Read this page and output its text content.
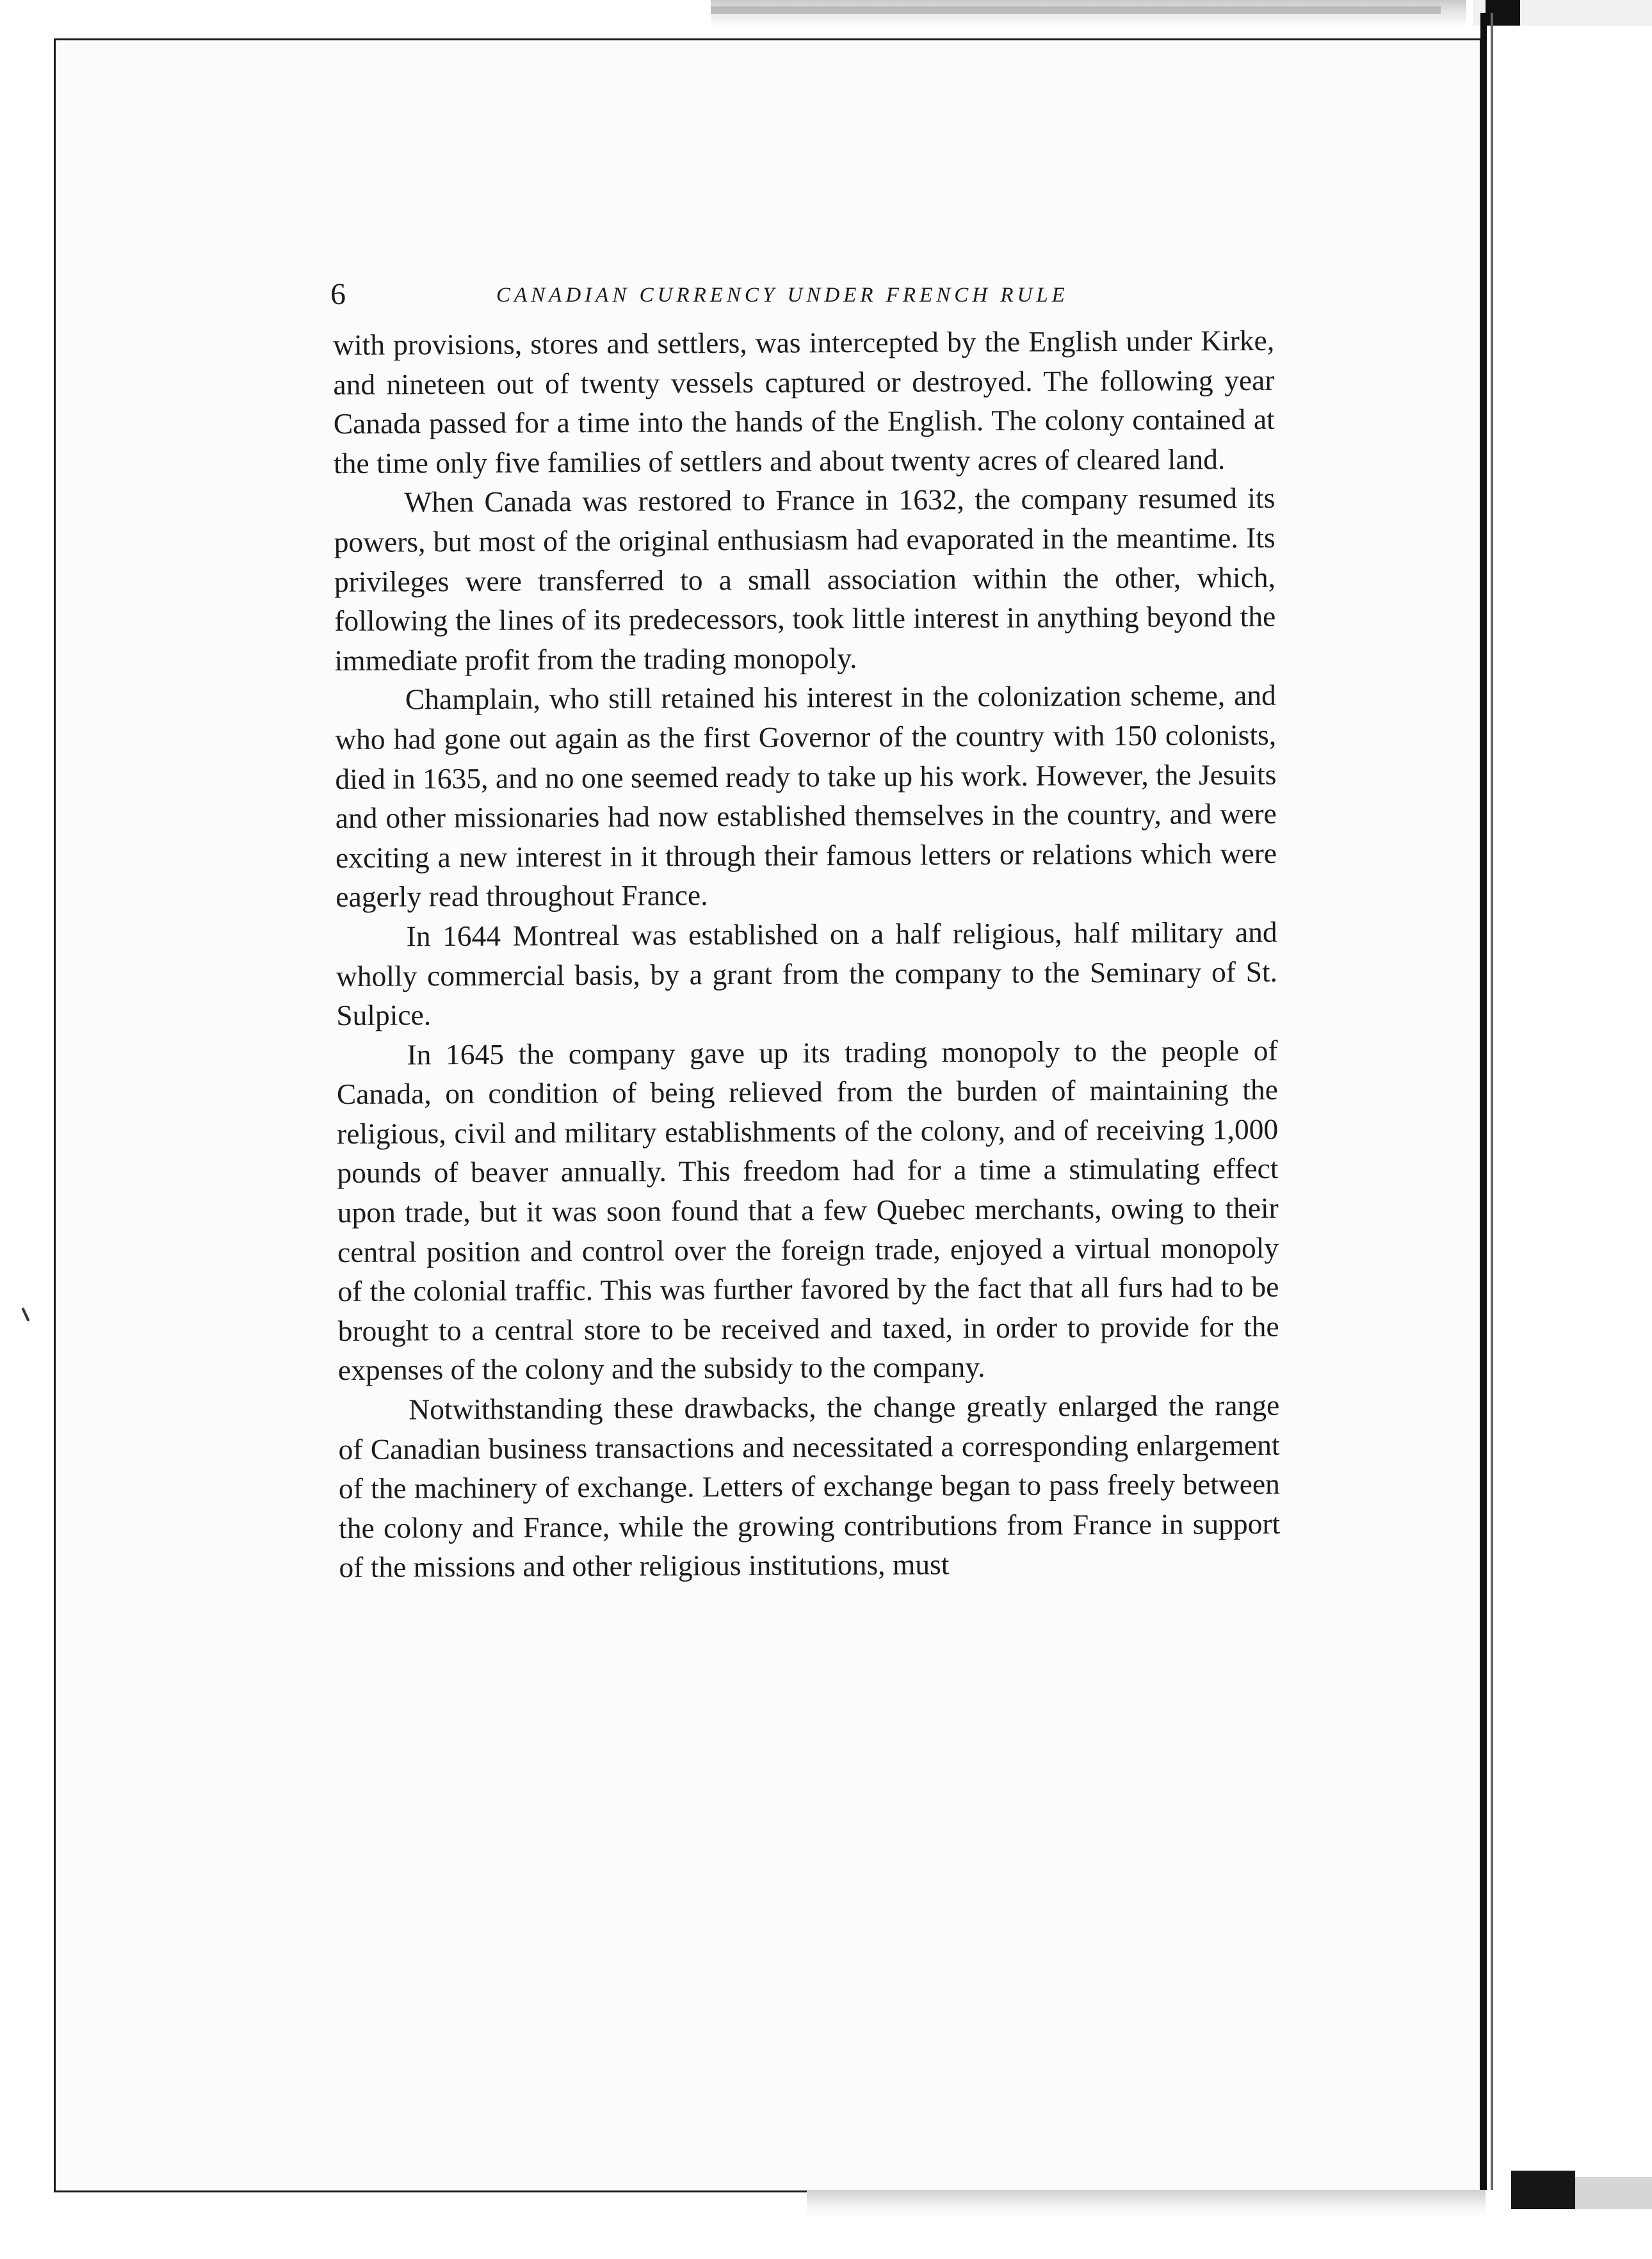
6	CANADIAN CURRENCY UNDER FRENCH RULE

with provisions, stores and settlers, was intercepted by the English under Kirke, and nineteen out of twenty vessels captured or destroyed. The following year Canada passed for a time into the hands of the English. The colony contained at the time only five families of settlers and about twenty acres of cleared land.

When Canada was restored to France in 1632, the company resumed its powers, but most of the original enthusiasm had evaporated in the meantime. Its privileges were transferred to a small association within the other, which, following the lines of its predecessors, took little interest in anything beyond the immediate profit from the trading monopoly.

Champlain, who still retained his interest in the colonization scheme, and who had gone out again as the first Governor of the country with 150 colonists, died in 1635, and no one seemed ready to take up his work. However, the Jesuits and other missionaries had now established themselves in the country, and were exciting a new interest in it through their famous letters or relations which were eagerly read throughout France.

In 1644 Montreal was established on a half religious, half military and wholly commercial basis, by a grant from the company to the Seminary of St. Sulpice.

In 1645 the company gave up its trading monopoly to the people of Canada, on condition of being relieved from the burden of maintaining the religious, civil and military establishments of the colony, and of receiving 1,000 pounds of beaver annually. This freedom had for a time a stimulating effect upon trade, but it was soon found that a few Quebec merchants, owing to their central position and control over the foreign trade, enjoyed a virtual monopoly of the colonial traffic. This was further favored by the fact that all furs had to be brought to a central store to be received and taxed, in order to provide for the expenses of the colony and the subsidy to the company.

Notwithstanding these drawbacks, the change greatly enlarged the range of Canadian business transactions and necessitated a corresponding enlargement of the machinery of exchange. Letters of exchange began to pass freely between the colony and France, while the growing contributions from France in support of the missions and other religious institutions, must
